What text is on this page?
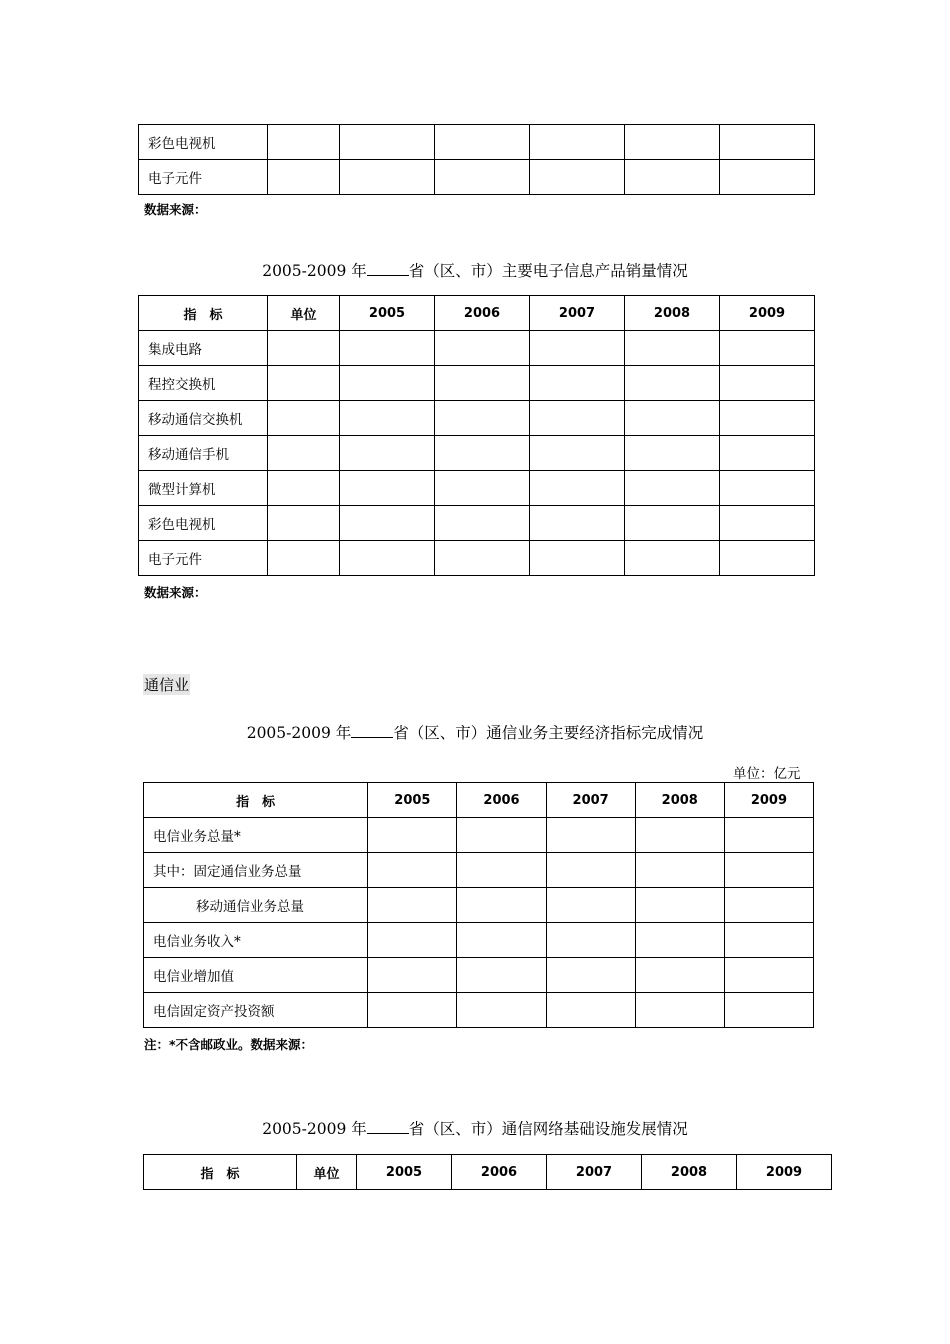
彩色电视机						
电子元件						
数据来源：
2005-2009 年	省（区、市）主要电子信息产品销量情况
指　标	单位	2005	2006	2007	2008	2009
集成电路						
程控交换机						
移动通信交换机						
移动通信手机						
微型计算机						
彩色电视机						
电子元件						
数据来源：
通信业
2005-2009 年	省（区、市）通信业务主要经济指标完成情况
单位：亿元
指　标	2005	2006	2007	2008	2009
电信业务总量*					
其中：固定通信业务总量					
移动通信业务总量					
电信业务收入*					
电信业增加值					
电信固定资产投资额					
注：*不含邮政业。数据来源：
2005-2009 年	省（区、市）通信网络基础设施发展情况
指　标	单位	2005	2006	2007	2008	2009
